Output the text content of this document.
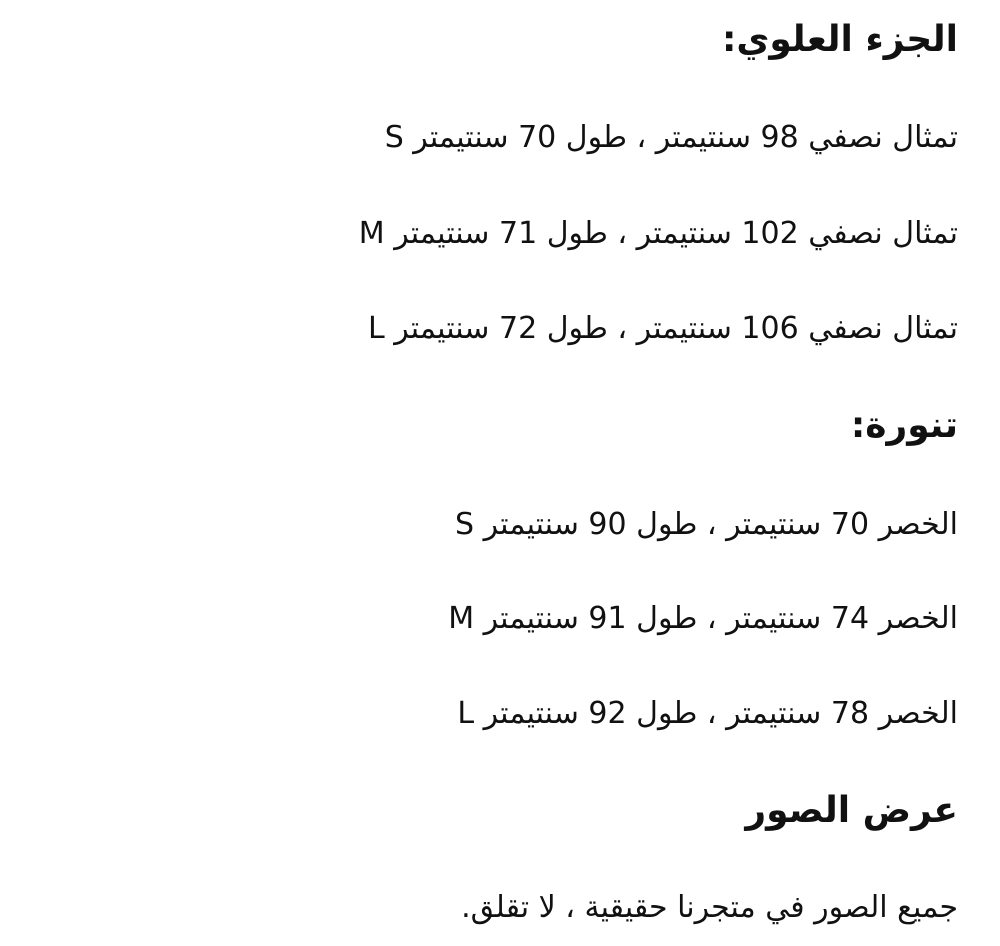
الجزء العلوي:
تمثال نصفي 98 سنتيمتر ، طول 70 سنتيمتر S
تمثال نصفي 102 سنتيمتر ، طول 71 سنتيمتر M
تمثال نصفي 106 سنتيمتر ، طول 72 سنتيمتر L
تنورة:
الخصر 70 سنتيمتر ، طول 90 سنتيمتر S
الخصر 74 سنتيمتر ، طول 91 سنتيمتر M
الخصر 78 سنتيمتر ، طول 92 سنتيمتر L
عرض الصور
جميع الصور في متجرنا حقيقية ، لا تقلق.
